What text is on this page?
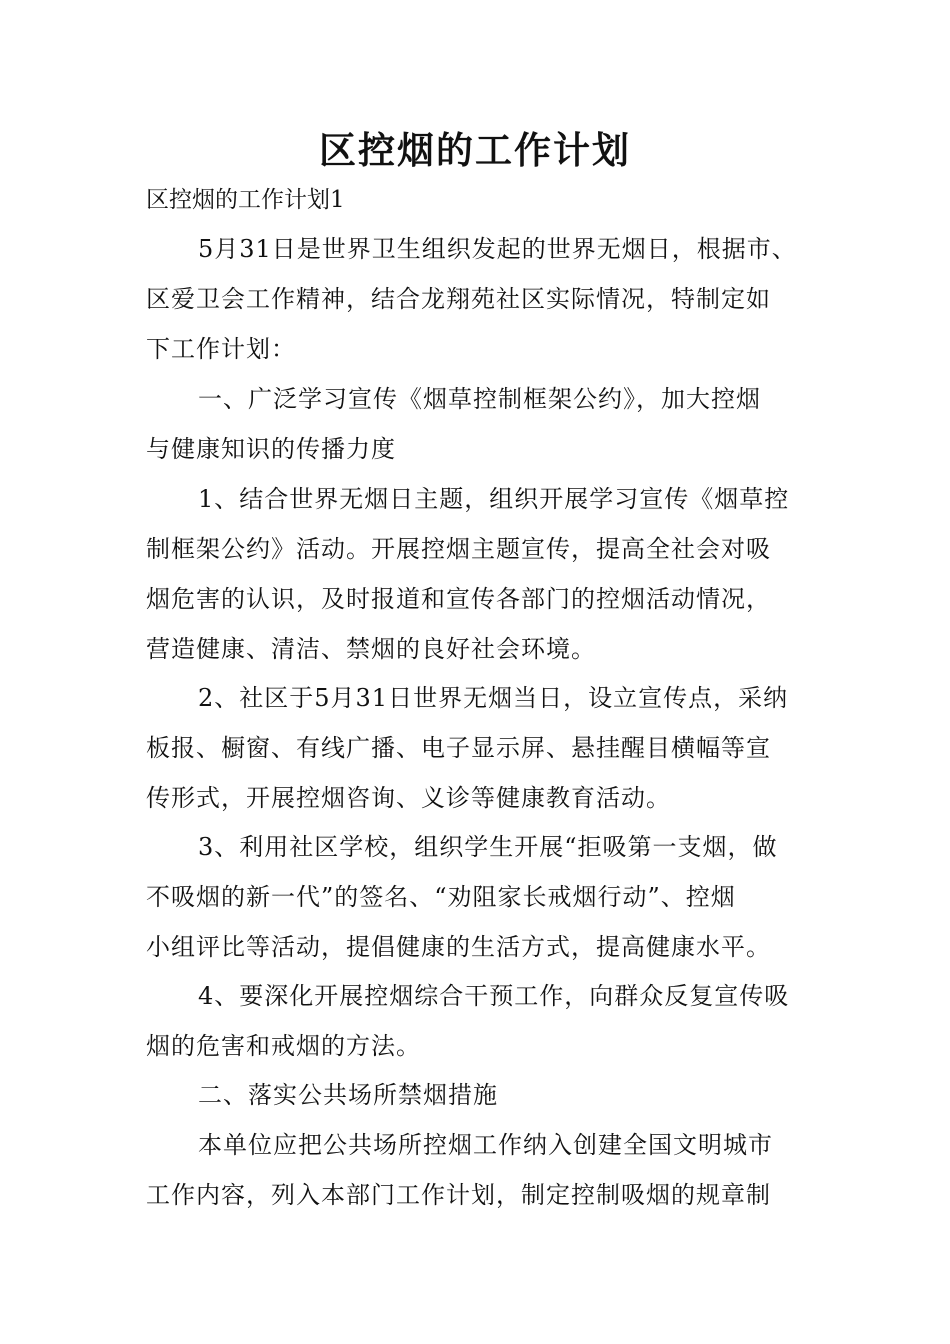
区控烟的工作计划
区控烟的工作计划1
5月31日是世界卫生组织发起的世界无烟日，根据市、
区爱卫会工作精神，结合龙翔苑社区实际情况，特制定如
下工作计划：
一、广泛学习宣传《烟草控制框架公约》，加大控烟
与健康知识的传播力度
1、结合世界无烟日主题，组织开展学习宣传《烟草控
制框架公约》活动。开展控烟主题宣传，提高全社会对吸
烟危害的认识，及时报道和宣传各部门的控烟活动情况，
营造健康、清洁、禁烟的良好社会环境。
2、社区于5月31日世界无烟当日，设立宣传点，采纳
板报、橱窗、有线广播、电子显示屏、悬挂醒目横幅等宣
传形式，开展控烟咨询、义诊等健康教育活动。
3、利用社区学校，组织学生开展“拒吸第一支烟，做
不吸烟的新一代”的签名、“劝阻家长戒烟行动”、控烟
小组评比等活动，提倡健康的生活方式，提高健康水平。
4、要深化开展控烟综合干预工作，向群众反复宣传吸
烟的危害和戒烟的方法。
二、落实公共场所禁烟措施
本单位应把公共场所控烟工作纳入创建全国文明城市
工作内容，列入本部门工作计划，制定控制吸烟的规章制
